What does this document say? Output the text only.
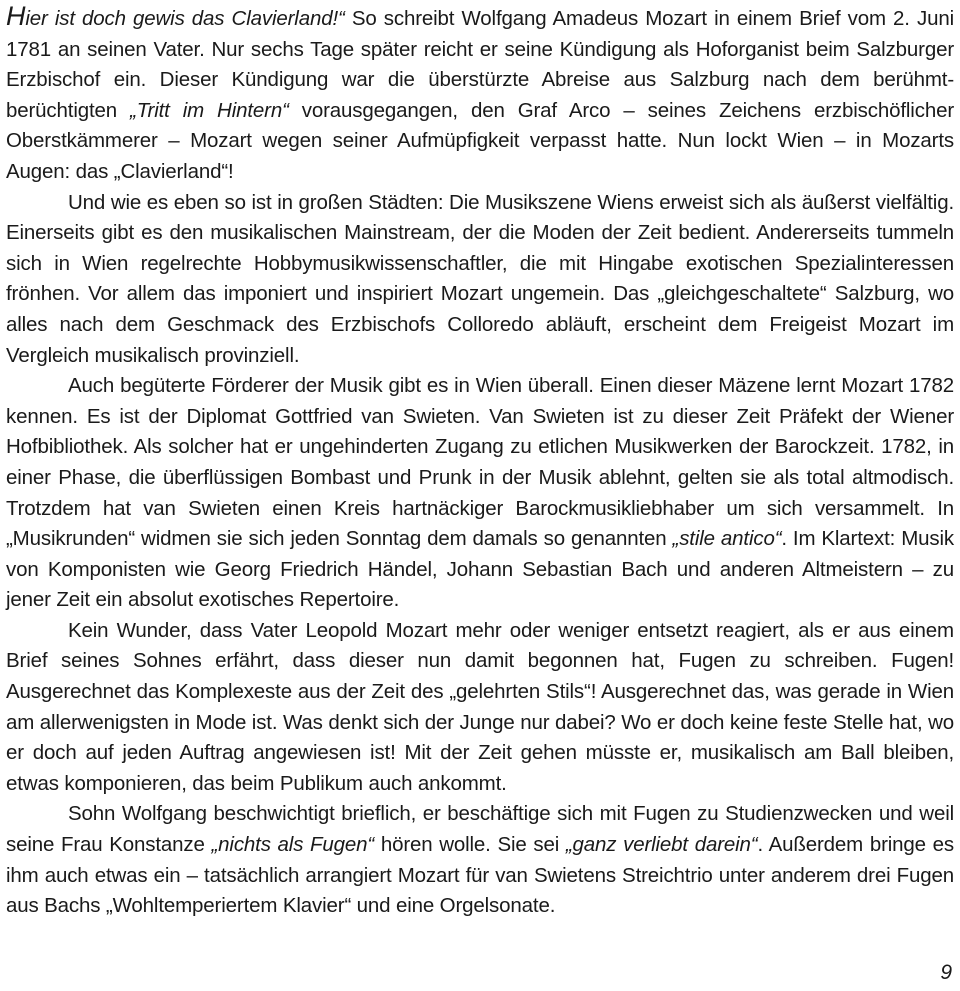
Hier ist doch gewis das Clavierland!“ So schreibt Wolfgang Amadeus Mozart in einem Brief vom 2. Juni 1781 an seinen Vater. Nur sechs Tage später reicht er seine Kündigung als Hoforganist beim Salzburger Erzbischof ein. Dieser Kündigung war die überstürzte Abreise aus Salzburg nach dem berühmt-berüchtigten „Tritt im Hintern“ vorausgegangen, den Graf Arco – seines Zeichens erzbischöflicher Oberstkämmerer – Mozart wegen seiner Aufmüpfigkeit verpasst hatte. Nun lockt Wien – in Mozarts Augen: das „Clavierland“!

Und wie es eben so ist in großen Städten: Die Musikszene Wiens erweist sich als äußerst vielfältig. Einerseits gibt es den musikalischen Mainstream, der die Moden der Zeit bedient. Andererseits tummeln sich in Wien regelrechte Hobbymusikwissenschaftler, die mit Hingabe exotischen Spezialinteressen frönhen. Vor allem das imponiert und inspiriert Mozart ungemein. Das „gleichgeschaltete“ Salzburg, wo alles nach dem Geschmack des Erzbischofs Colloredo abläuft, erscheint dem Freigeist Mozart im Vergleich musikalisch provinziell.

Auch begüterte Förderer der Musik gibt es in Wien überall. Einen dieser Mäzene lernt Mozart 1782 kennen. Es ist der Diplomat Gottfried van Swieten. Van Swieten ist zu dieser Zeit Präfekt der Wiener Hofbibliothek. Als solcher hat er ungehinderten Zugang zu etlichen Musikwerken der Barockzeit. 1782, in einer Phase, die überflüssigen Bombast und Prunk in der Musik ablehnt, gelten sie als total altmodisch. Trotzdem hat van Swieten einen Kreis hartnäckiger Barockmusikliebhaber um sich versammelt. In „Musikrunden“ widmen sie sich jeden Sonntag dem damals so genannten „stile antico“. Im Klartext: Musik von Komponisten wie Georg Friedrich Händel, Johann Sebastian Bach und anderen Altmeistern – zu jener Zeit ein absolut exotisches Repertoire.

Kein Wunder, dass Vater Leopold Mozart mehr oder weniger entsetzt reagiert, als er aus einem Brief seines Sohnes erfährt, dass dieser nun damit begonnen hat, Fugen zu schreiben. Fugen! Ausgerechnet das Komplexeste aus der Zeit des „gelehrten Stils“! Ausgerechnet das, was gerade in Wien am allerwenigsten in Mode ist. Was denkt sich der Junge nur dabei? Wo er doch keine feste Stelle hat, wo er doch auf jeden Auftrag angewiesen ist! Mit der Zeit gehen müsste er, musikalisch am Ball bleiben, etwas komponieren, das beim Publikum auch ankommt.

Sohn Wolfgang beschwichtigt brieflich, er beschäftige sich mit Fugen zu Studienzwecken und weil seine Frau Konstanze „nichts als Fugen“ hören wolle. Sie sei „ganz verliebt darein“. Außerdem bringe es ihm auch etwas ein – tatsächlich arrangiert Mozart für van Swietens Streichtrio unter anderem drei Fugen aus Bachs „Wohltemperiertem Klavier“ und eine Orgelsonate.

9
